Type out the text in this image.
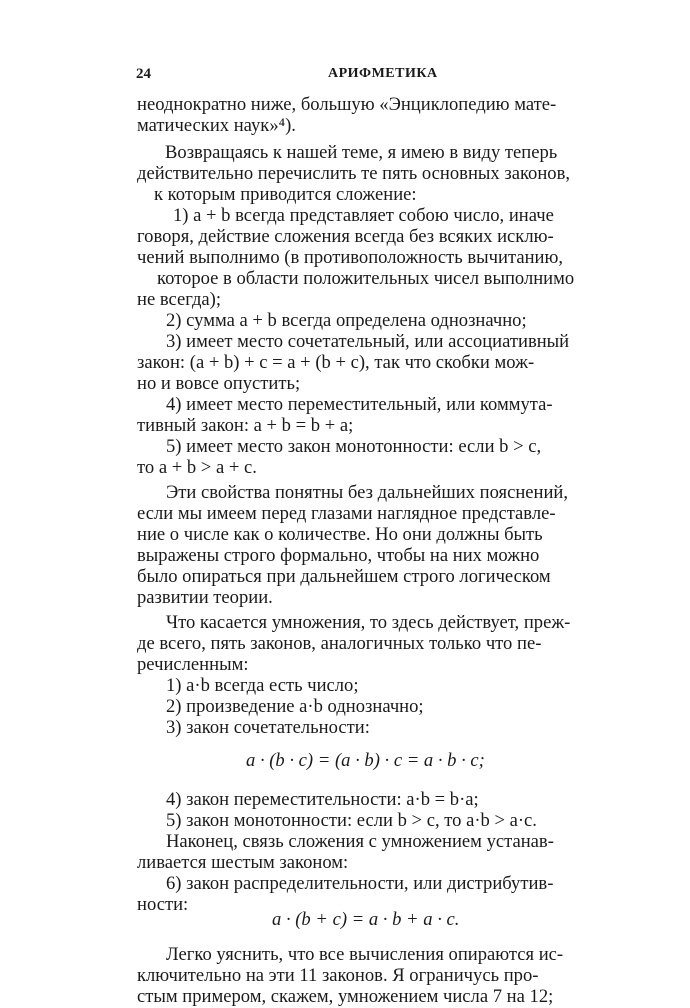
24	АРИФМЕТИКА
неоднократно ниже, большую «Энциклопедию мате-
матических наук»⁴).
Возвращаясь к нашей теме, я имею в виду теперь
действительно перечислить те пять основных законов,
к которым приводится сложение:
1) a + b всегда представляет собою число, иначе
говоря, действие сложения всегда без всяких исклю-
чений выполнимо (в противоположность вычитанию,
которое в области положительных чисел выполнимо
не всегда);
2) сумма a + b всегда определена однозначно;
3) имеет место сочетательный, или ассоциативный
закон: (a + b) + c = a + (b + c), так что скобки мож-
но и вовсе опустить;
4) имеет место переместительный, или коммута-
тивный закон: a + b = b + a;
5) имеет место закон монотонности: если b > c,
то a + b > a + c.
Эти свойства понятны без дальнейших пояснений,
если мы имеем перед глазами наглядное представле-
ние о числе как о количестве. Но они должны быть
выражены строго формально, чтобы на них можно
было опираться при дальнейшем строго логическом
развитии теории.
Что касается умножения, то здесь действует, преж-
де всего, пять законов, аналогичных только что пе-
речисленным:
1) a·b всегда есть число;
2) произведение a·b однозначно;
3) закон сочетательности:
a · (b · c) = (a · b) · c = a · b · c;
4) закон переместительности: a·b = b·a;
5) закон монотонности: если b > c, то a·b > a·c.
Наконец, связь сложения с умножением устанав-
ливается шестым законом:
6) закон распределительности, или дистрибутив-
ности:
a · (b + c) = a · b + a · c.
Легко уяснить, что все вычисления опираются ис-
ключительно на эти 11 законов. Я ограничусь про-
стым примером, скажем, умножением числа 7 на 12;
